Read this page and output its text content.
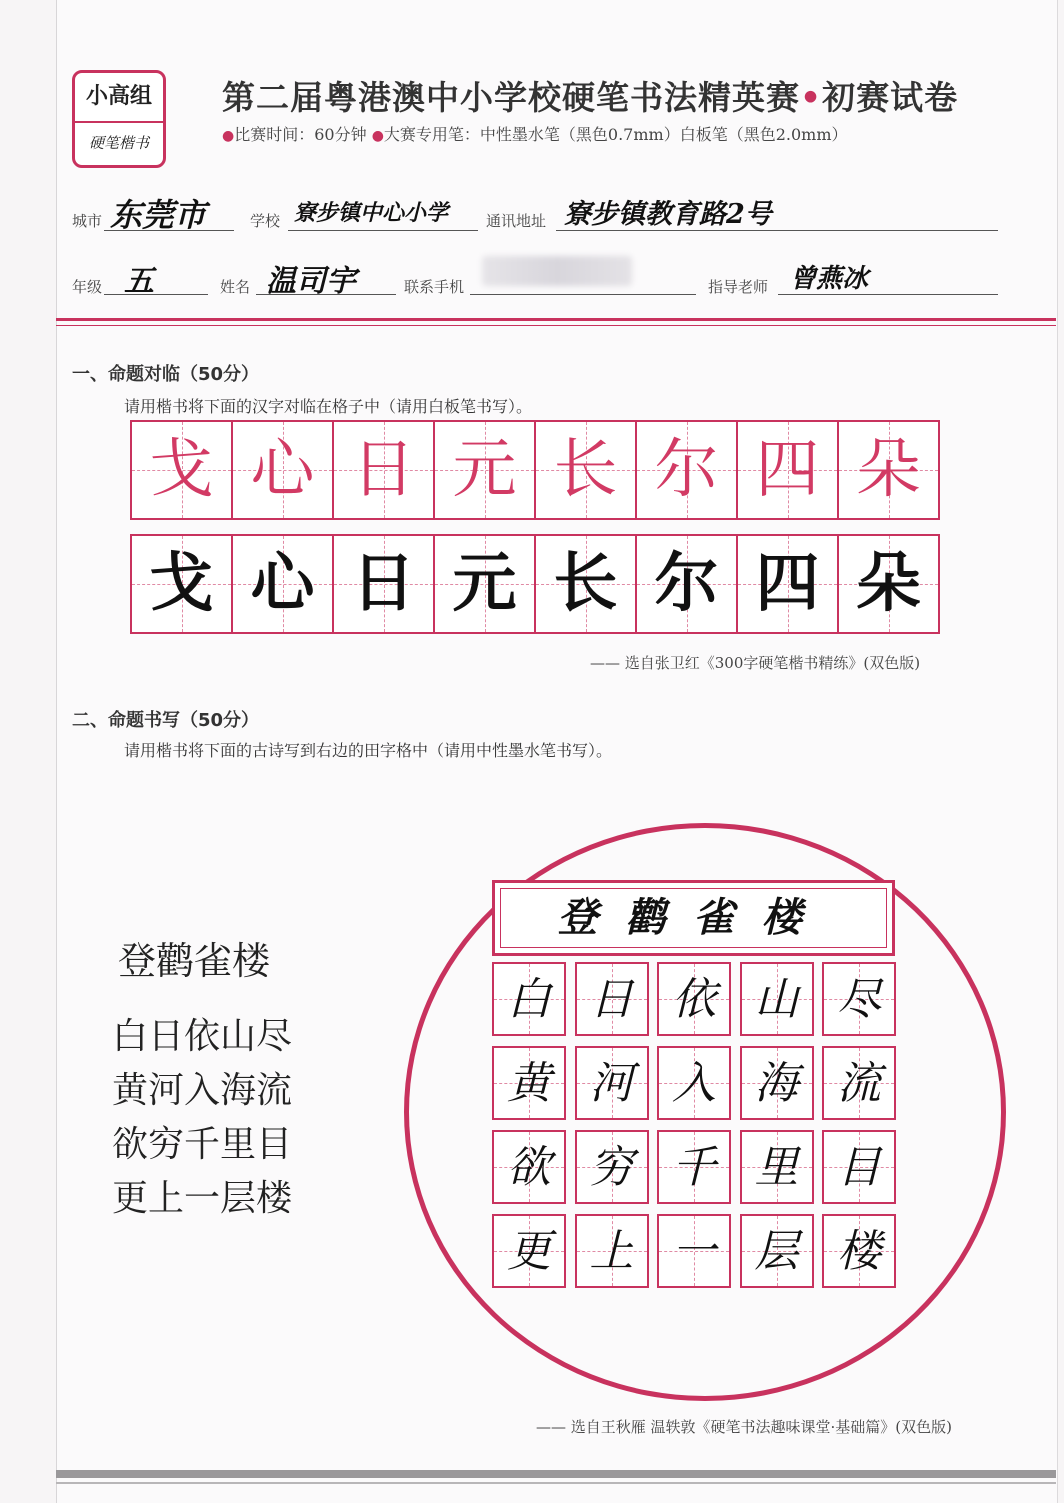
小高组
硬笔楷书
第二届粤港澳中小学校硬笔书法精英赛•初赛试卷
●比赛时间：60分钟 ●大赛专用笔：中性墨水笔（黑色0.7mm）白板笔（黑色2.0mm）
城市 东莞市	学校 寮步镇中心小学	通讯地址 寮步镇教育路2号
年级 五	姓名 温司宇	联系手机	指导老师 曾燕冰
一、命题对临（50分）
请用楷书将下面的汉字对临在格子中（请用白板笔书写）。
戈 心 日 元 长 尔 四 朵
戈 心 日 元 长 尔 四 朵
—— 选自张卫红《300字硬笔楷书精练》(双色版)
二、命题书写（50分）
请用楷书将下面的古诗写到右边的田字格中（请用中性墨水笔书写）。
登鹳雀楼
白日依山尽
黄河入海流
欲穷千里目
更上一层楼
登鹳雀楼
白 日 依 山 尽
黄 河 入 海 流
欲 穷 千 里 目
更 上 一 层 楼
—— 选自王秋雁 温轶敦《硬笔书法趣味课堂·基础篇》(双色版)
